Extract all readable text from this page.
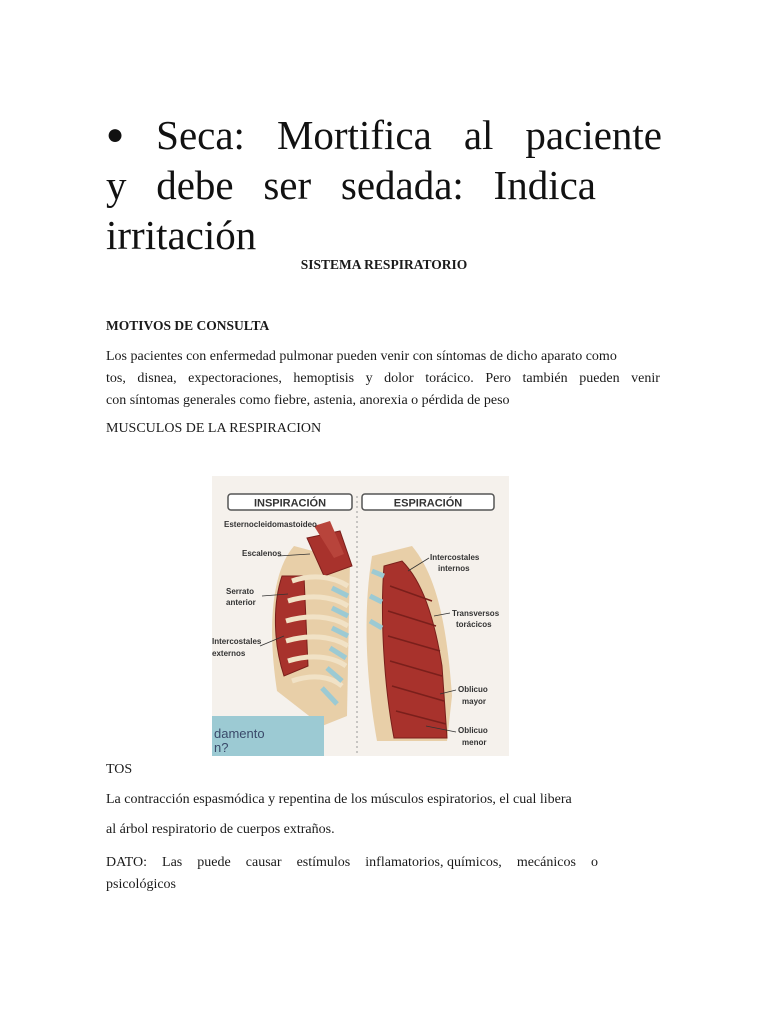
● Seca: Mortifica al paciente
y debe ser sedada: Indica
irritación
SISTEMA RESPIRATORIO
MOTIVOS DE CONSULTA
Los pacientes con enfermedad pulmonar pueden venir con síntomas de dicho aparato como
tos, disnea, expectoraciones, hemoptisis y dolor torácico. Pero también pueden venir
con síntomas generales como fiebre, astenia, anorexia o pérdida de peso
MUSCULOS DE LA RESPIRACION
INSPIRACIÓN	ESPIRACIÓN
damento
n?
Esternocleidomastoideo
Escalenos
Serrato
anterior
Intercostales
externos
Intercostales
internos
Transversos
torácicos
Oblicuo
mayor
Oblicuo
menor
TOS
La contracción espasmódica y repentina de los músculos espiratorios, el cual libera
al árbol respiratorio de cuerpos extraños.
DATO: Las puede causar estímulos inflamatorios, químicos, mecánicos o
psicológicos
